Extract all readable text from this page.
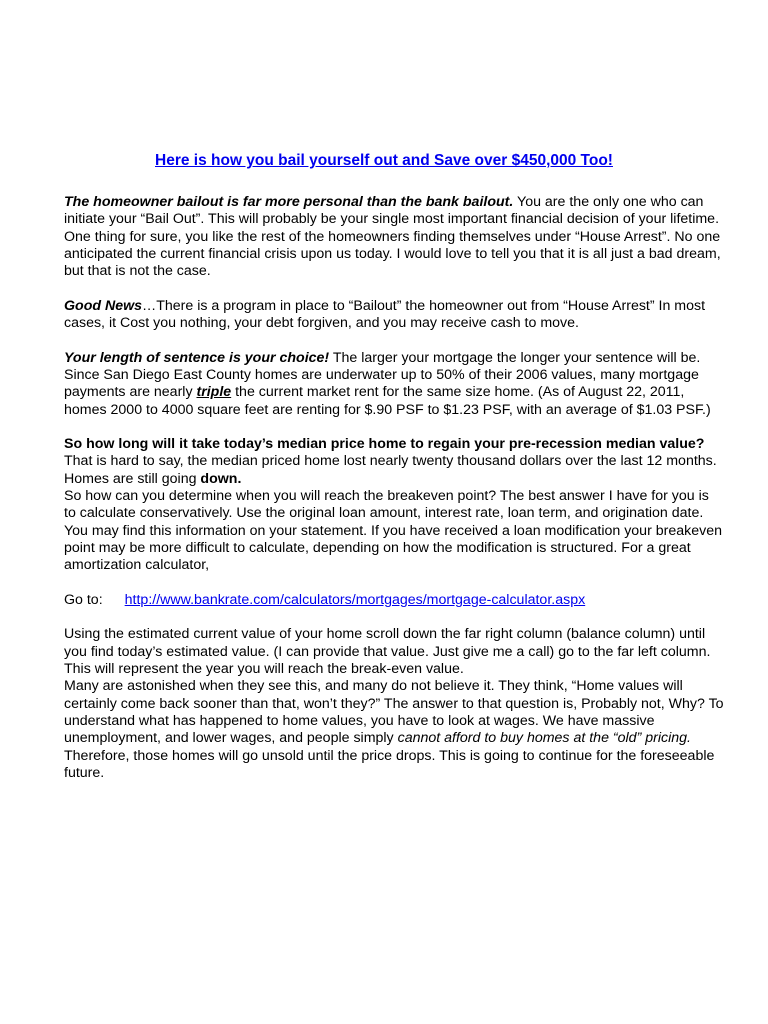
Here is how you bail yourself out and Save over $450,000 Too!

The homeowner bailout is far more personal than the bank bailout. You are the only one who can initiate your “Bail Out”. This will probably be your single most important financial decision of your lifetime.
One thing for sure, you like the rest of the homeowners finding themselves under “House Arrest”. No one anticipated the current financial crisis upon us today. I would love to tell you that it is all just a bad dream, but that is not the case.

Good News…There is a program in place to “Bailout” the homeowner out from “House Arrest” In most cases, it Cost you nothing, your debt forgiven, and you may receive cash to move.

Your length of sentence is your choice! The larger your mortgage the longer your sentence will be. Since San Diego East County homes are underwater up to 50% of their 2006 values, many mortgage payments are nearly triple the current market rent for the same size home. (As of August 22, 2011, homes 2000 to 4000 square feet are renting for $.90 PSF to $1.23 PSF, with an average of $1.03 PSF.)

So how long will it take today’s median price home to regain your pre-recession median value? That is hard to say, the median priced home lost nearly twenty thousand dollars over the last 12 months. Homes are still going down.
So how can you determine when you will reach the breakeven point? The best answer I have for you is to calculate conservatively. Use the original loan amount, interest rate, loan term, and origination date. You may find this information on your statement. If you have received a loan modification your breakeven point may be more difficult to calculate, depending on how the modification is structured. For a great amortization calculator,

Go to: http://www.bankrate.com/calculators/mortgages/mortgage-calculator.aspx

Using the estimated current value of your home scroll down the far right column (balance column) until you find today’s estimated value. (I can provide that value. Just give me a call) go to the far left column. This will represent the year you will reach the break-even value.
Many are astonished when they see this, and many do not believe it. They think, “Home values will certainly come back sooner than that, won’t they?” The answer to that question is, Probably not, Why? To understand what has happened to home values, you have to look at wages. We have massive unemployment, and lower wages, and people simply cannot afford to buy homes at the “old” pricing. Therefore, those homes will go unsold until the price drops. This is going to continue for the foreseeable future.
